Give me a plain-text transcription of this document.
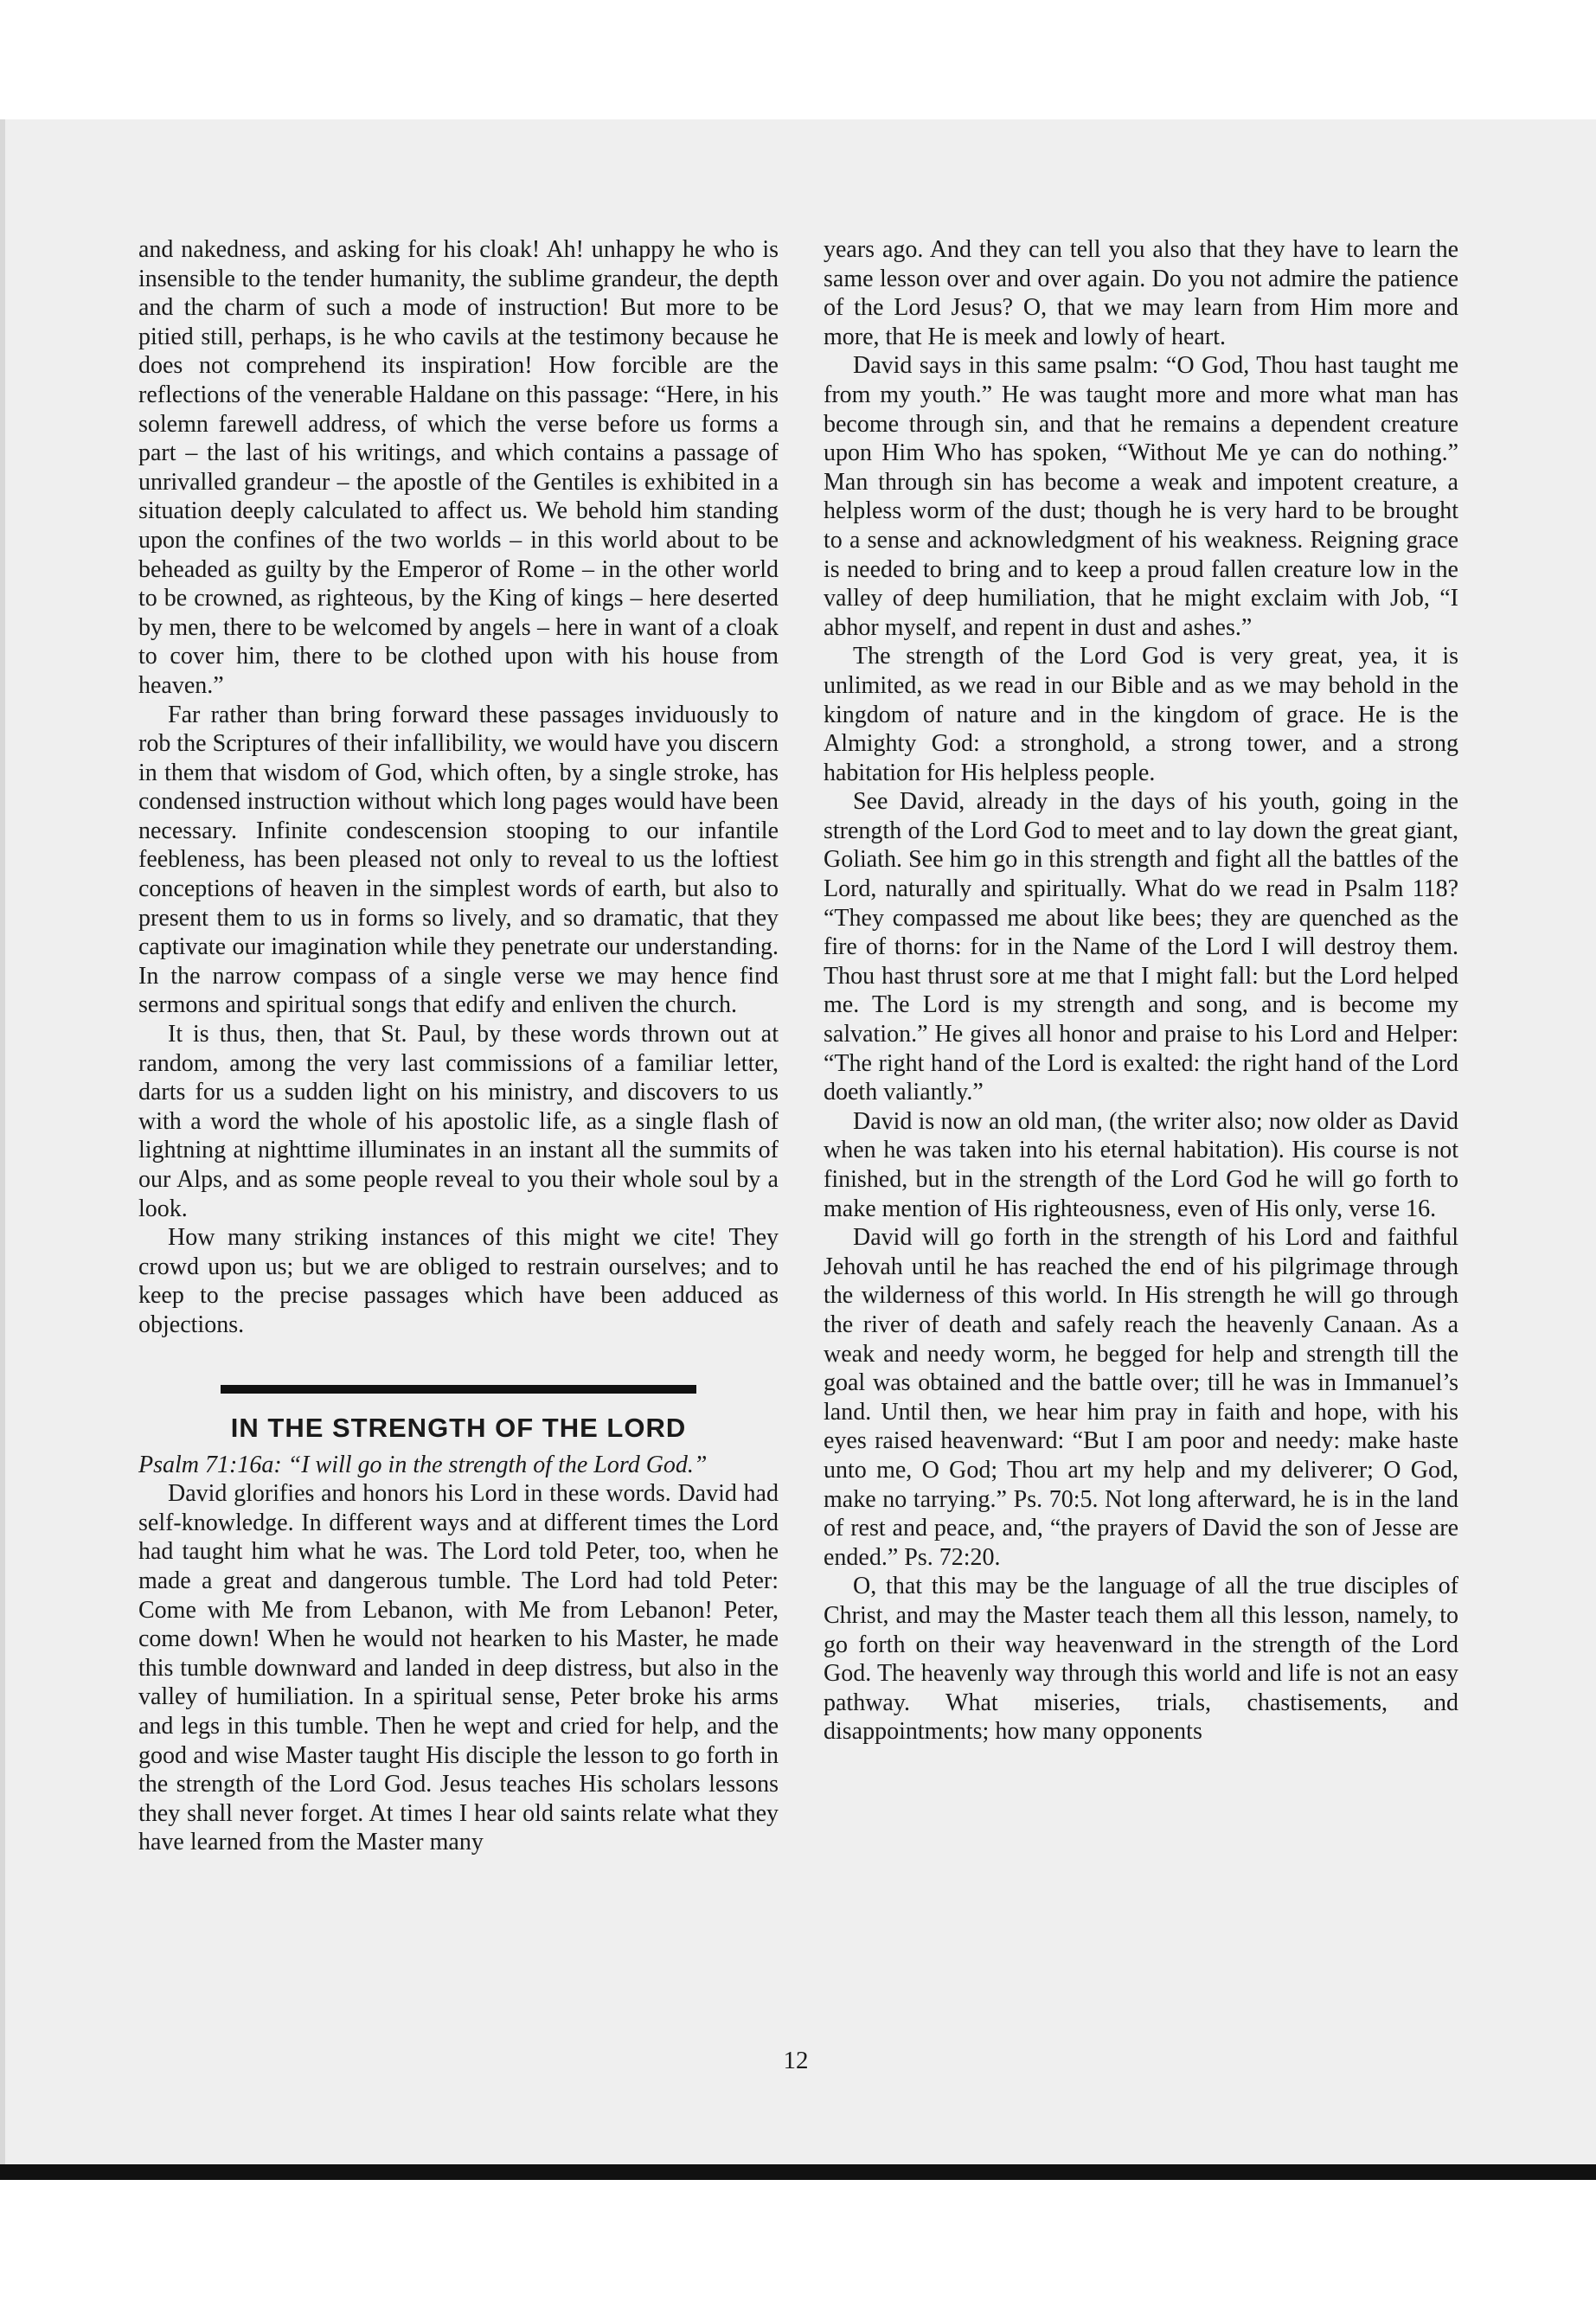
and nakedness, and asking for his cloak! Ah! unhappy he who is insensible to the tender humanity, the sublime grandeur, the depth and the charm of such a mode of instruction! But more to be pitied still, perhaps, is he who cavils at the testimony because he does not comprehend its inspiration! How forcible are the reflections of the venerable Haldane on this passage: “Here, in his solemn farewell address, of which the verse before us forms a part – the last of his writings, and which contains a passage of unrivalled grandeur – the apostle of the Gentiles is exhibited in a situation deeply calculated to affect us. We behold him standing upon the confines of the two worlds – in this world about to be beheaded as guilty by the Emperor of Rome – in the other world to be crowned, as righteous, by the King of kings – here deserted by men, there to be welcomed by angels – here in want of a cloak to cover him, there to be clothed upon with his house from heaven.”

Far rather than bring forward these passages inviduously to rob the Scriptures of their infallibility, we would have you discern in them that wisdom of God, which often, by a single stroke, has condensed instruction without which long pages would have been necessary. Infinite condescension stooping to our infantile feebleness, has been pleased not only to reveal to us the loftiest conceptions of heaven in the simplest words of earth, but also to present them to us in forms so lively, and so dramatic, that they captivate our imagination while they penetrate our understanding. In the narrow compass of a single verse we may hence find sermons and spiritual songs that edify and enliven the church.

It is thus, then, that St. Paul, by these words thrown out at random, among the very last commissions of a familiar letter, darts for us a sudden light on his ministry, and discovers to us with a word the whole of his apostolic life, as a single flash of lightning at nighttime illuminates in an instant all the summits of our Alps, and as some people reveal to you their whole soul by a look.

How many striking instances of this might we cite! They crowd upon us; but we are obliged to restrain ourselves; and to keep to the precise passages which have been adduced as objections.

IN THE STRENGTH OF THE LORD

Psalm 71:16a: “I will go in the strength of the Lord God.”

David glorifies and honors his Lord in these words. David had self-knowledge. In different ways and at different times the Lord had taught him what he was. The Lord told Peter, too, when he made a great and dangerous tumble. The Lord had told Peter: Come with Me from Lebanon, with Me from Lebanon! Peter, come down! When he would not hearken to his Master, he made this tumble downward and landed in deep distress, but also in the valley of humiliation. In a spiritual sense, Peter broke his arms and legs in this tumble. Then he wept and cried for help, and the good and wise Master taught His disciple the lesson to go forth in the strength of the Lord God. Jesus teaches His scholars lessons they shall never forget. At times I hear old saints relate what they have learned from the Master many

years ago. And they can tell you also that they have to learn the same lesson over and over again. Do you not admire the patience of the Lord Jesus? O, that we may learn from Him more and more, that He is meek and lowly of heart.

David says in this same psalm: “O God, Thou hast taught me from my youth.” He was taught more and more what man has become through sin, and that he remains a dependent creature upon Him Who has spoken, “Without Me ye can do nothing.” Man through sin has become a weak and impotent creature, a helpless worm of the dust; though he is very hard to be brought to a sense and acknowledgment of his weakness. Reigning grace is needed to bring and to keep a proud fallen creature low in the valley of deep humiliation, that he might exclaim with Job, “I abhor myself, and repent in dust and ashes.”

The strength of the Lord God is very great, yea, it is unlimited, as we read in our Bible and as we may behold in the kingdom of nature and in the kingdom of grace. He is the Almighty God: a stronghold, a strong tower, and a strong habitation for His helpless people.

See David, already in the days of his youth, going in the strength of the Lord God to meet and to lay down the great giant, Goliath. See him go in this strength and fight all the battles of the Lord, naturally and spiritually. What do we read in Psalm 118? “They compassed me about like bees; they are quenched as the fire of thorns: for in the Name of the Lord I will destroy them. Thou hast thrust sore at me that I might fall: but the Lord helped me. The Lord is my strength and song, and is become my salvation.” He gives all honor and praise to his Lord and Helper: “The right hand of the Lord is exalted: the right hand of the Lord doeth valiantly.”

David is now an old man, (the writer also; now older as David when he was taken into his eternal habitation). His course is not finished, but in the strength of the Lord God he will go forth to make mention of His righteousness, even of His only, verse 16.

David will go forth in the strength of his Lord and faithful Jehovah until he has reached the end of his pilgrimage through the wilderness of this world. In His strength he will go through the river of death and safely reach the heavenly Canaan. As a weak and needy worm, he begged for help and strength till the goal was obtained and the battle over; till he was in Immanuel’s land. Until then, we hear him pray in faith and hope, with his eyes raised heavenward: “But I am poor and needy: make haste unto me, O God; Thou art my help and my deliverer; O God, make no tarrying.” Ps. 70:5. Not long afterward, he is in the land of rest and peace, and, “the prayers of David the son of Jesse are ended.” Ps. 72:20.

O, that this may be the language of all the true disciples of Christ, and may the Master teach them all this lesson, namely, to go forth on their way heavenward in the strength of the Lord God. The heavenly way through this world and life is not an easy pathway. What miseries, trials, chastisements, and disappointments; how many opponents

12
